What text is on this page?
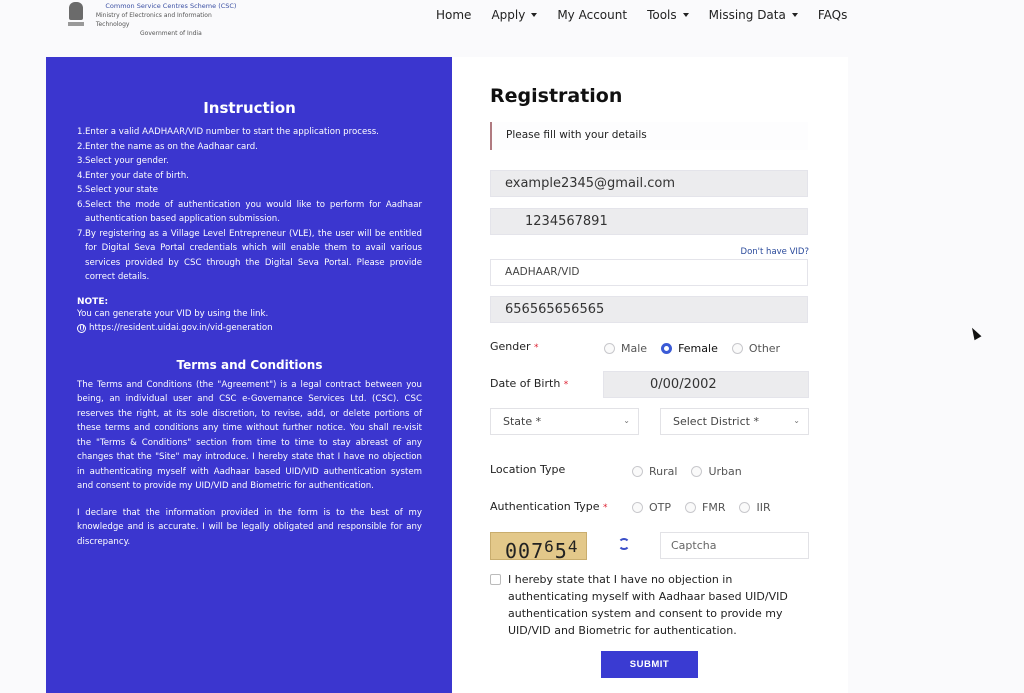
Common Service Centres Scheme (CSC)
Ministry of Electronics and Information Technology
Government of India
Home Apply	My Account Tools	Missing Data	FAQs
Instruction
1. Enter a valid AADHAAR/VID number to start the application process.
2. Enter the name as on the Aadhaar card.
3. Select your gender.
4. Enter your date of birth.
5. Select your state
6. Select the mode of authentication you would like to perform for Aadhaar authentication based application submission.
7. By registering as a Village Level Entrepreneur (VLE), the user will be entitled for Digital Seva Portal credentials which will enable them to avail various services provided by CSC through the Digital Seva Portal. Please provide correct details.
NOTE:
You can generate your VID by using the link.
https://resident.uidai.gov.in/vid-generation
Terms and Conditions

The Terms and Conditions (the "Agreement") is a legal contract between you being, an individual user and CSC e-Governance Services Ltd. (CSC). CSC reserves the right, at its sole discretion, to revise, add, or delete portions of these terms and conditions any time without further notice. You shall re-visit the "Terms & Conditions" section from time to time to stay abreast of any changes that the "Site" may introduce. I hereby state that I have no objection in authenticating myself with Aadhaar based UID/VID authentication system and consent to provide my UID/VID and Biometric for authentication.

I declare that the information provided in the form is to the best of my knowledge and is accurate. I will be legally obligated and responsible for any discrepancy.

Registration
Please fill with your details
example2345@gmail.com
1234567891
Don't have VID?
AADHAAR/VID
656565656565
Gender *	Male	Female	Other
Date of Birth *	0/00/2002
State *	⌄	Select District *	⌄
Location Type	Rural	Urban
Authentication Type *	OTP	FMR	IIR
$007^65^4$	Captcha
I hereby state that I have no objection in authenticating myself with Aadhaar based UID/VID authentication system and consent to provide my UID/VID and Biometric for authentication.
SUBMIT
